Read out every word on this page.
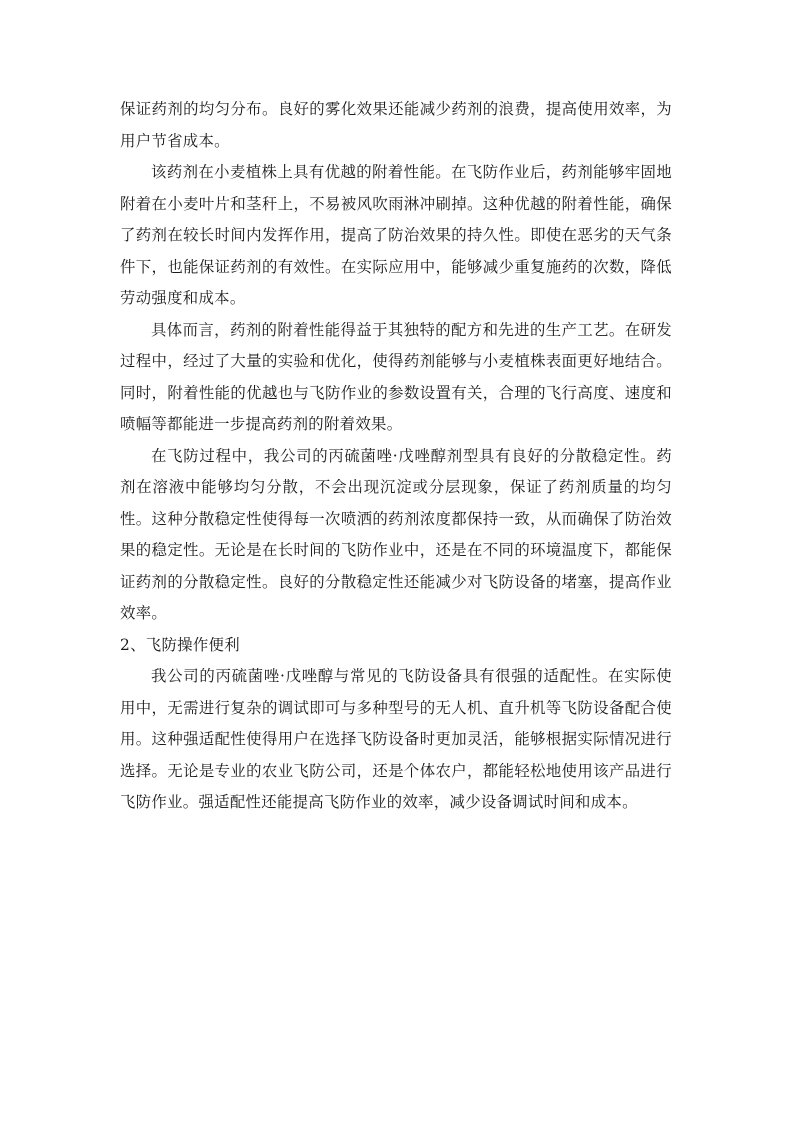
保证药剂的均匀分布。良好的雾化效果还能减少药剂的浪费，提高使用效率，为用户节省成本。

该药剂在小麦植株上具有优越的附着性能。在飞防作业后，药剂能够牢固地附着在小麦叶片和茎秆上，不易被风吹雨淋冲刷掉。这种优越的附着性能，确保了药剂在较长时间内发挥作用，提高了防治效果的持久性。即使在恶劣的天气条件下，也能保证药剂的有效性。在实际应用中，能够减少重复施药的次数，降低劳动强度和成本。

具体而言，药剂的附着性能得益于其独特的配方和先进的生产工艺。在研发过程中，经过了大量的实验和优化，使得药剂能够与小麦植株表面更好地结合。同时，附着性能的优越也与飞防作业的参数设置有关，合理的飞行高度、速度和喷幅等都能进一步提高药剂的附着效果。

在飞防过程中，我公司的丙硫菌唑·戊唑醇剂型具有良好的分散稳定性。药剂在溶液中能够均匀分散，不会出现沉淀或分层现象，保证了药剂质量的均匀性。这种分散稳定性使得每一次喷洒的药剂浓度都保持一致，从而确保了防治效果的稳定性。无论是在长时间的飞防作业中，还是在不同的环境温度下，都能保证药剂的分散稳定性。良好的分散稳定性还能减少对飞防设备的堵塞，提高作业效率。

2、飞防操作便利

我公司的丙硫菌唑·戊唑醇与常见的飞防设备具有很强的适配性。在实际使用中，无需进行复杂的调试即可与多种型号的无人机、直升机等飞防设备配合使用。这种强适配性使得用户在选择飞防设备时更加灵活，能够根据实际情况进行选择。无论是专业的农业飞防公司，还是个体农户，都能轻松地使用该产品进行飞防作业。强适配性还能提高飞防作业的效率，减少设备调试时间和成本。
